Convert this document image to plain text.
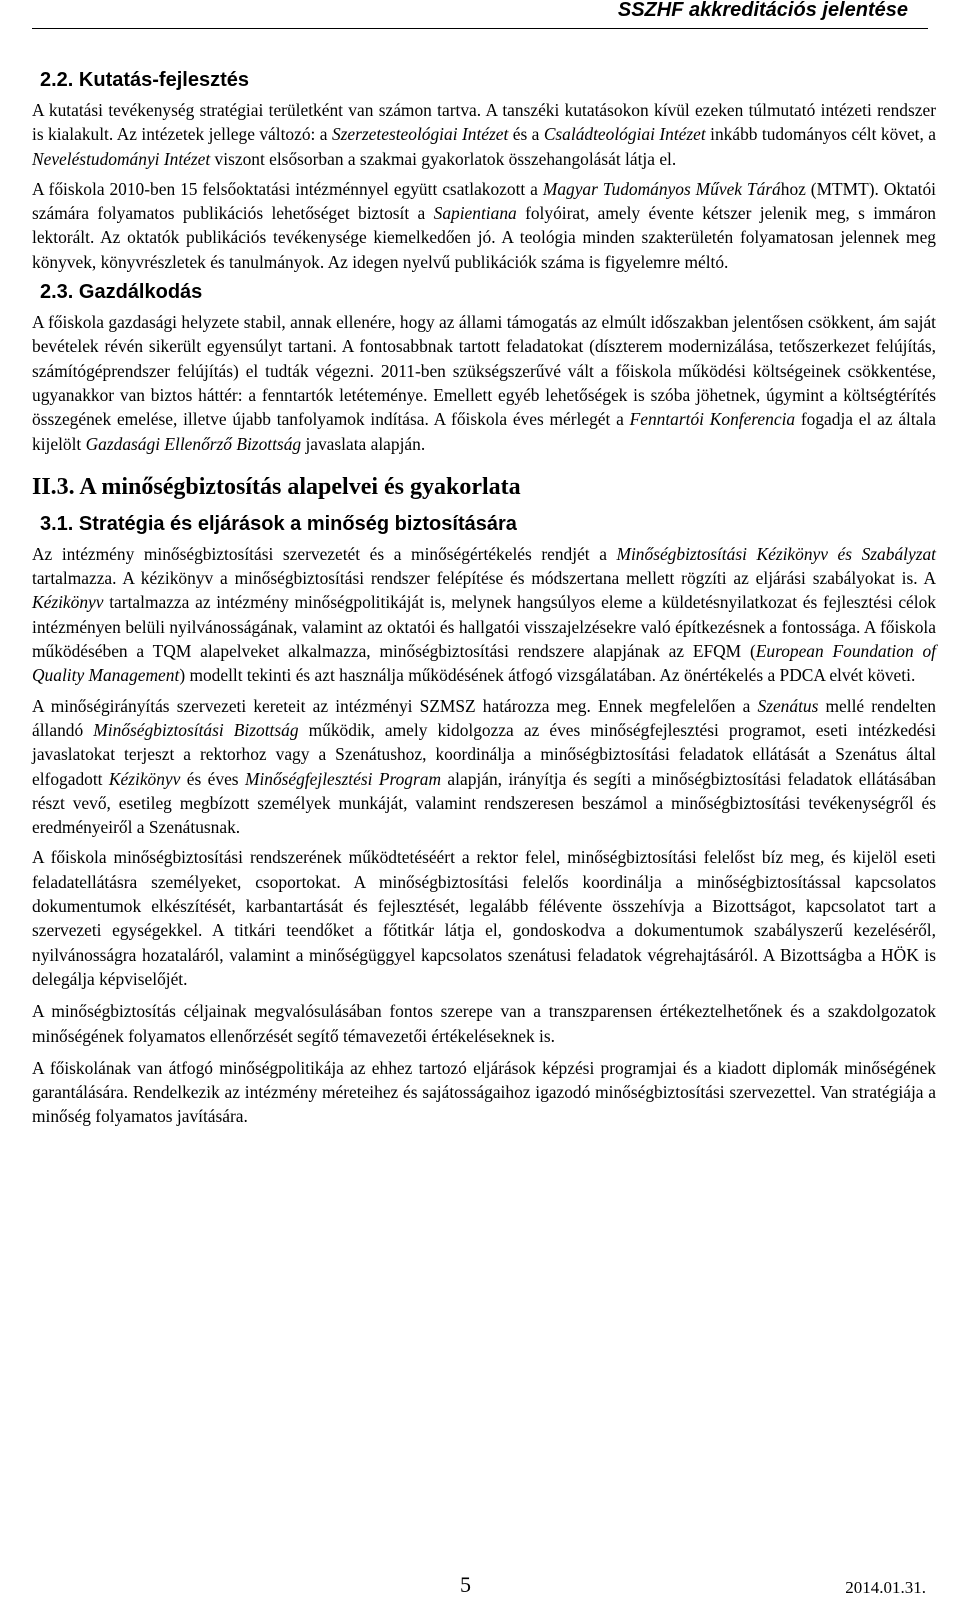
SSZHF akkreditációs jelentése
2.2. Kutatás-fejlesztés

A kutatási tevékenység stratégiai területként van számon tartva. A tanszéki kutatásokon kívül ezeken túlmutató intézeti rendszer is kialakult. Az intézetek jellege változó: a Szerzetesteológiai Intézet és a Családteológiai Intézet inkább tudományos célt követ, a Neveléstudományi Intézet viszont elsősorban a szakmai gyakorlatok összehangolását látja el.

A főiskola 2010-ben 15 felsőoktatási intézménnyel együtt csatlakozott a Magyar Tudományos Művek Tárához (MTMT). Oktatói számára folyamatos publikációs lehetőséget biztosít a Sapientiana folyóirat, amely évente kétszer jelenik meg, s immáron lektorált. Az oktatók publikációs tevékenysége kiemelkedően jó. A teológia minden szakterületén folyamatosan jelennek meg könyvek, könyvrészletek és tanulmányok. Az idegen nyelvű publikációk száma is figyelemre méltó.

2.3. Gazdálkodás

A főiskola gazdasági helyzete stabil, annak ellenére, hogy az állami támogatás az elmúlt időszakban jelentősen csökkent, ám saját bevételek révén sikerült egyensúlyt tartani. A fontosabbnak tartott feladatokat (díszterem modernizálása, tetőszerkezet felújítás, számítógéprendszer felújítás) el tudták végezni. 2011-ben szükségszerűvé vált a főiskola működési költségeinek csökkentése, ugyanakkor van biztos háttér: a fenntartók letéteménye. Emellett egyéb lehetőségek is szóba jöhetnek, úgymint a költségtérítés összegének emelése, illetve újabb tanfolyamok indítása. A főiskola éves mérlegét a Fenntartói Konferencia fogadja el az általa kijelölt Gazdasági Ellenőrző Bizottság javaslata alapján.

II.3. A minőségbiztosítás alapelvei és gyakorlata
3.1. Stratégia és eljárások a minőség biztosítására

Az intézmény minőségbiztosítási szervezetét és a minőségértékelés rendjét a Minőségbiztosítási Kézikönyv és Szabályzat tartalmazza. A kézikönyv a minőségbiztosítási rendszer felépítése és módszertana mellett rögzíti az eljárási szabályokat is. A Kézikönyv tartalmazza az intézmény minőségpolitikáját is, melynek hangsúlyos eleme a küldetésnyilatkozat és fejlesztési célok intézményen belüli nyilvánosságának, valamint az oktatói és hallgatói visszajelzésekre való építkezésnek a fontossága. A főiskola működésében a TQM alapelveket alkalmazza, minőségbiztosítási rendszere alapjának az EFQM (European Foundation of Quality Management) modellt tekinti és azt használja működésének átfogó vizsgálatában. Az önértékelés a PDCA elvét követi.

A minőségirányítás szervezeti kereteit az intézményi SZMSZ határozza meg. Ennek megfelelően a Szenátus mellé rendelten állandó Minőségbiztosítási Bizottság működik, amely kidolgozza az éves minőségfejlesztési programot, eseti intézkedési javaslatokat terjeszt a rektorhoz vagy a Szenátushoz, koordinálja a minőségbiztosítási feladatok ellátását a Szenátus által elfogadott Kézikönyv és éves Minőségfejlesztési Program alapján, irányítja és segíti a minőségbiztosítási feladatok ellátásában részt vevő, esetileg megbízott személyek munkáját, valamint rendszeresen beszámol a minőségbiztosítási tevékenységről és eredményeiről a Szenátusnak.

A főiskola minőségbiztosítási rendszerének működtetéséért a rektor felel, minőségbiztosítási felelőst bíz meg, és kijelöl eseti feladatellátásra személyeket, csoportokat. A minőségbiztosítási felelős koordinálja a minőségbiztosítással kapcsolatos dokumentumok elkészítését, karbantartását és fejlesztését, legalább félévente összehívja a Bizottságot, kapcsolatot tart a szervezeti egységekkel. A titkári teendőket a főtitkár látja el, gondoskodva a dokumentumok szabályszerű kezeléséről, nyilvánosságra hozataláról, valamint a minőségüggyel kapcsolatos szenátusi feladatok végrehajtásáról. A Bizottságba a HÖK is delegálja képviselőjét.

A minőségbiztosítás céljainak megvalósulásában fontos szerepe van a transzparensen értékeztelhetőnek és a szakdolgozatok minőségének folyamatos ellenőrzését segítő témavezetői értékeléseknek is.

A főiskolának van átfogó minőségpolitikája az ehhez tartozó eljárások képzési programjai és a kiadott diplomák minőségének garantálására. Rendelkezik az intézmény méreteihez és sajátosságaihoz igazodó minőségbiztosítási szervezettel. Van stratégiája a minőség folyamatos javítására.

5	2014.01.31.
